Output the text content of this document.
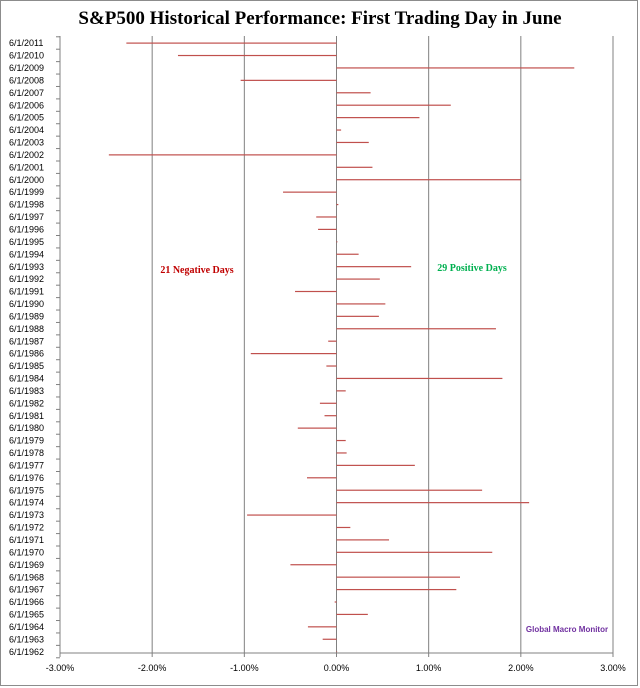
S&P500 Historical Performance: First Trading Day in June
6/1/2011
6/1/2010
6/1/2009
6/1/2008
6/1/2007
6/1/2006
6/1/2005
6/1/2004
6/1/2003
6/1/2002
6/1/2001
6/1/2000
6/1/1999
6/1/1998
6/1/1997
6/1/1996
6/1/1995
6/1/1994
6/1/1993
6/1/1992
6/1/1991
6/1/1990
6/1/1989
6/1/1988
6/1/1987
6/1/1986
6/1/1985
6/1/1984
6/1/1983
6/1/1982
6/1/1981
6/1/1980
6/1/1979
6/1/1978
6/1/1977
6/1/1976
6/1/1975
6/1/1974
6/1/1973
6/1/1972
6/1/1971
6/1/1970
6/1/1969
6/1/1968
6/1/1967
6/1/1966
6/1/1965
6/1/1964
6/1/1963
6/1/1962
-3.00%	-2.00%	-1.00%	0.00%	1.00%	2.00%	3.00%
21 Negative Days	29 Positive Days
Global Macro Monitor
